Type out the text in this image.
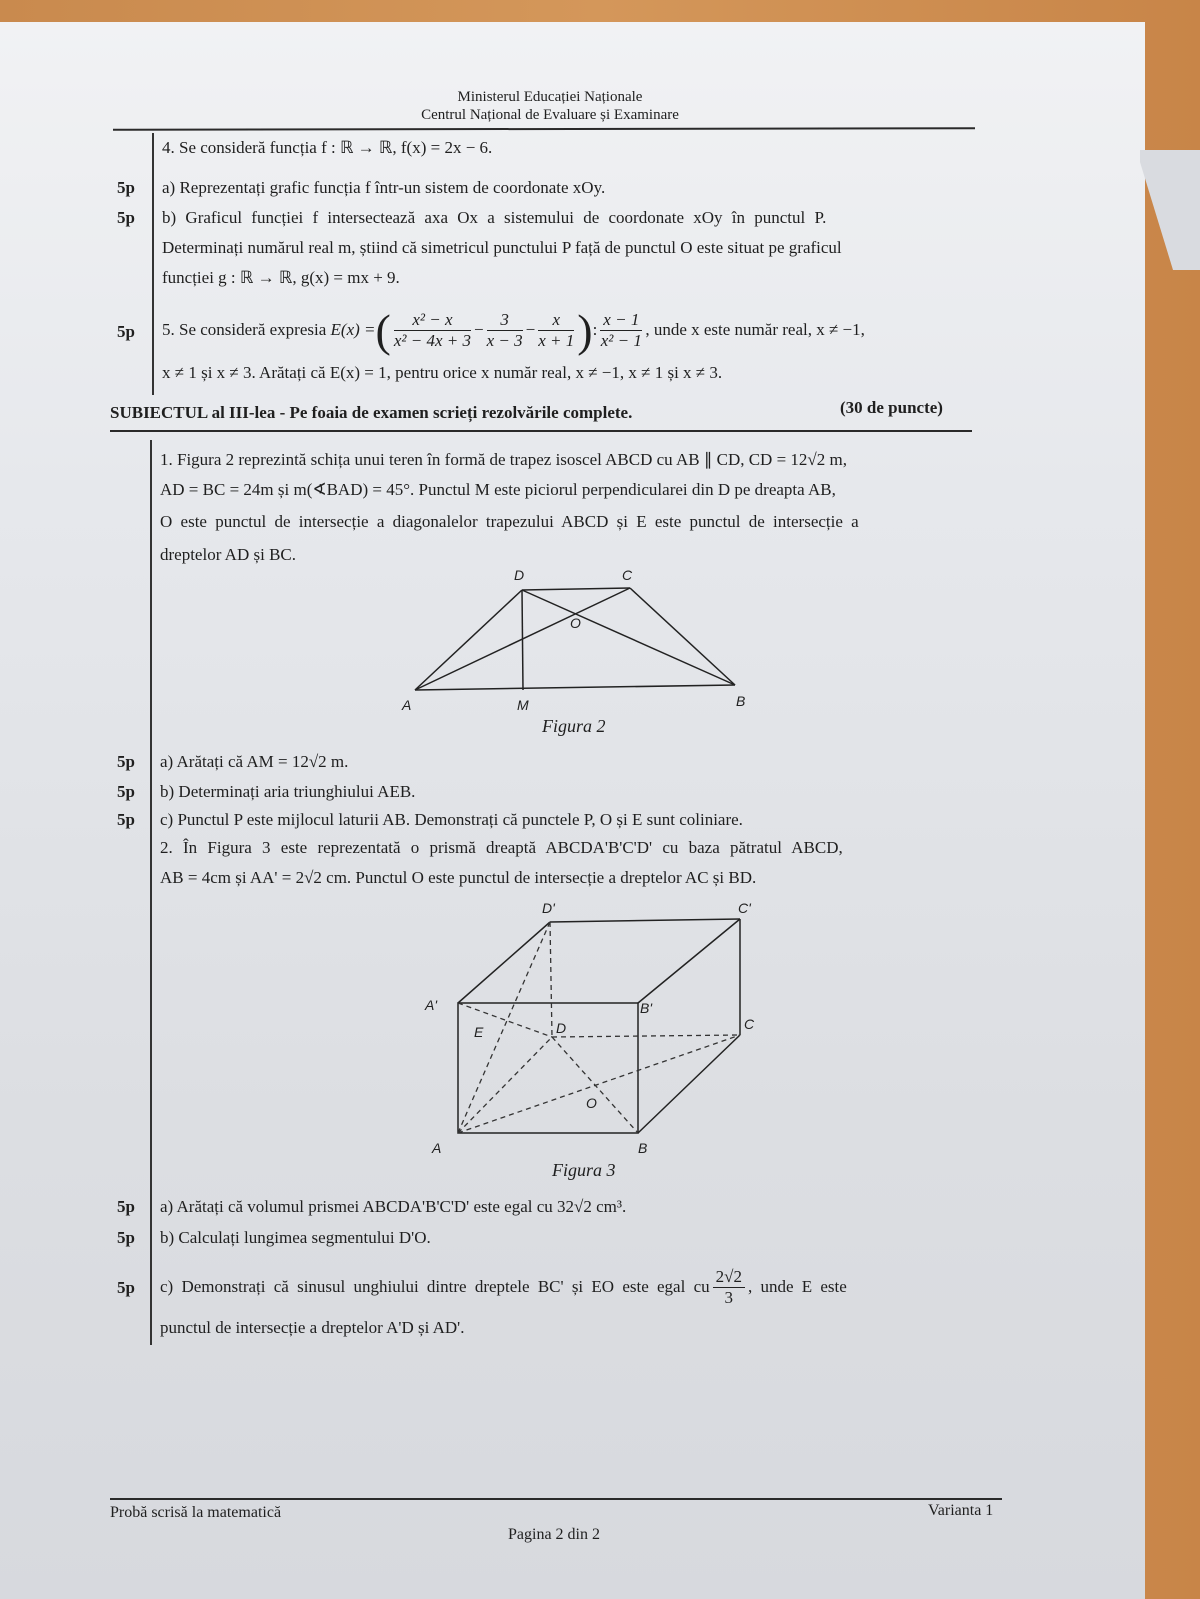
Ministerul Educației Naționale
Centrul Național de Evaluare și Examinare
4. Se consideră funcția f : ℝ → ℝ, f(x) = 2x − 6.
5p a) Reprezentați grafic funcția f într-un sistem de coordonate xOy.
5p b) Graficul funcției f intersectează axa Ox a sistemului de coordonate xOy în punctul P.
Determinați numărul real m, știind că simetricul punctului P față de punctul O este situat pe graficul
funcției g : ℝ → ℝ, g(x) = mx + 9.
5p 5. Se consideră expresia
E(x) = ( $\frac{\text{x² − x}}{\text{x² − 4x + 3}} - \frac{3}{x - 3} - \frac{x}{x + 1}$ ) : $\frac{x - 1}{\text{x² − 1}}$ , unde x este număr real, x ≠ −1,
x ≠ 1 și x ≠ 3. Arătați că E(x) = 1, pentru orice x număr real, x ≠ −1, x ≠ 1 și x ≠ 3.
SUBIECTUL al III-lea - Pe foaia de examen scrieți rezolvările complete.	(30 de puncte)
1. Figura 2 reprezintă schița unui teren în formă de trapez isoscel ABCD cu AB ∥ CD, CD = 12√2 m,
AD = BC = 24m și m(∢BAD) = 45°. Punctul M este piciorul perpendicularei din D pe dreapta AB,
O este punctul de intersecție a diagonalelor trapezului ABCD și E este punctul de intersecție a
dreptelor AD și BC.
D	C
O
A	M	B
Figura 2
5p a) Arătați că AM = 12√2 m.
5p b) Determinați aria triunghiului AEB.
5p c) Punctul P este mijlocul laturii AB. Demonstrați că punctele P, O și E sunt coliniare.
2. În Figura 3 este reprezentată o prismă dreaptă ABCDA'B'C'D' cu baza pătratul ABCD,
AB = 4cm și AA' = 2√2 cm. Punctul O este punctul de intersecție a dreptelor AC și BD.
D'	C'
A'	B'
E	D	C
O
A	B
Figura 3
5p a) Arătați că volumul prismei ABCDA'B'C'D' este egal cu 32√2 cm³.
5p b) Calculați lungimea segmentului D'O.
5p c) Demonstrați că sinusul unghiului dintre dreptele BC' și EO este egal cu $\frac{2√2}{3}$ , unde E este
punctul de intersecție a dreptelor A'D și AD'.
Probă scrisă la matematică	Varianta 1
Pagina 2 din 2
